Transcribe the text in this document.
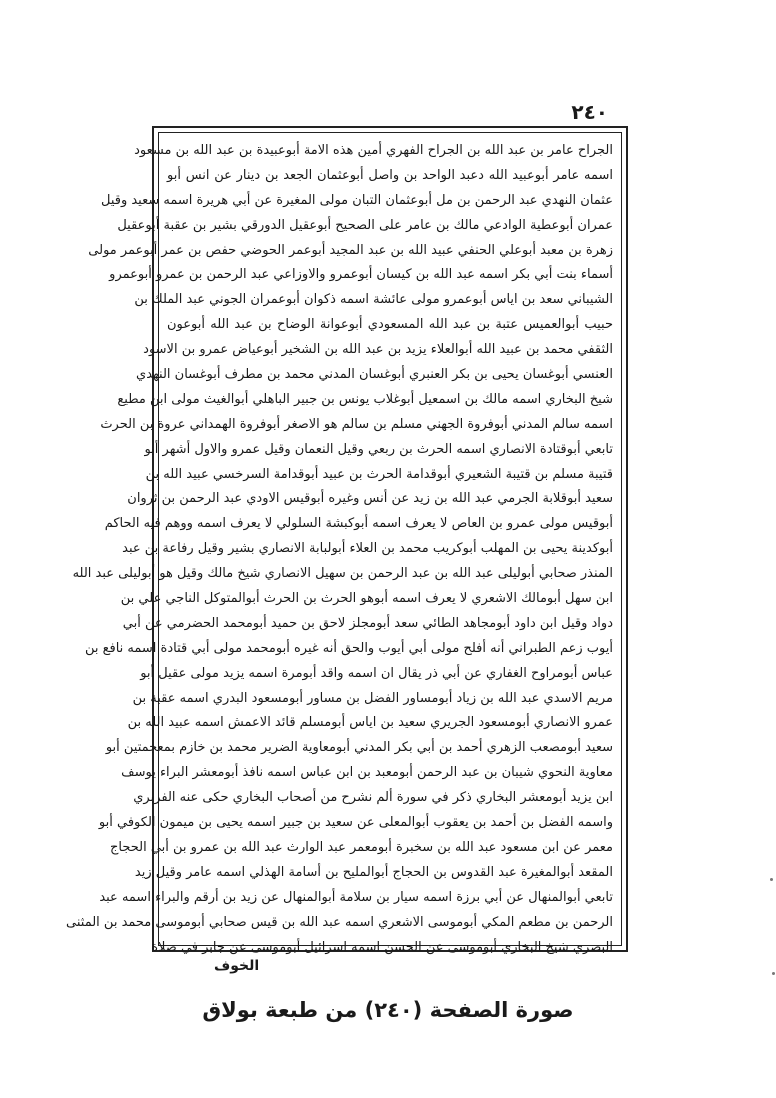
٢٤٠
الجراح عامر بن عبد الله بن الجراح الفهري أمين هذه الامة أبوعبيدة بن عبد الله بن مسعود
اسمه عامر أبوعبيد الله دعبد الواحد بن واصل أبوعثمان الجعد بن دينار عن انس أبو
عثمان النهدي عبد الرحمن بن مل أبوعثمان التبان مولى المغيرة عن أبي هريرة اسمه سعيد وقيل
عمران أبوعطية الوادعي مالك بن عامر على الصحيح أبوعقيل الدورقي بشير بن عقبة أبوعقيل
زهرة بن معبد أبوعلي الحنفي عبيد الله بن عبد المجيد أبوعمر الحوضي حفص بن عمر أبوعمر مولى
أسماء بنت أبي بكر اسمه عبد الله بن كيسان أبوعمرو والاوزاعي عبد الرحمن بن عمرو أبوعمرو
الشيباني سعد بن اياس أبوعمرو مولى عائشة اسمه ذكوان أبوعمران الجوني عبد الملك بن
حبيب أبوالعميس عتبة بن عبد الله المسعودي أبوعوانة الوضاح بن عبد الله أبوعون
الثقفي محمد بن عبيد الله أبوالعلاء يزيد بن عبد الله بن الشخير أبوعياض عمرو بن الاسود
العنسي أبوغسان يحيى بن بكر العنبري أبوغسان المدني محمد بن مطرف أبوغسان النهدي
شيخ البخاري اسمه مالك بن اسمعيل أبوغلاب يونس بن جبير الباهلي أبوالغيث مولى ابن مطيع
اسمه سالم المدني أبوفروة الجهني مسلم بن سالم هو الاصغر أبوفروة الهمداني عروة بن الحرث
تابعي أبوقتادة الانصاري اسمه الحرث بن ربعي وقيل النعمان وقيل عمرو والاول أشهر أبو
قتيبة مسلم بن قتيبة الشعيري أبوقدامة الحرث بن عبيد أبوقدامة السرخسي عبيد الله بن
سعيد أبوقلابة الجرمي عبد الله بن زيد عن أنس وغيره أبوقيس الاودي عبد الرحمن بن ثروان
أبوقيس مولى عمرو بن العاص لا يعرف اسمه أبوكبشة السلولي لا يعرف اسمه ووهم فيه الحاكم
أبوكدينة يحيى بن المهلب أبوكريب محمد بن العلاء أبولبابة الانصاري بشير وقيل رفاعة بن عبد
المنذر صحابي أبوليلى عبد الله بن عبد الرحمن بن سهيل الانصاري شيخ مالك وقيل هو أبوليلى عبد الله
ابن سهل أبومالك الاشعري لا يعرف اسمه أبوهو الحرث بن الحرث أبوالمتوكل الناجي علي بن
دواد وقيل ابن داود أبومجاهد الطائي سعد أبومجلز لاحق بن حميد أبومحمد الحضرمي عن أبي
أيوب زعم الطبراني أنه أفلح مولى أبي أيوب والحق أنه غيره أبومحمد مولى أبي قتادة اسمه نافع بن
عباس أبومراوح الغفاري عن أبي ذر يقال ان اسمه واقد أبومرة اسمه يزيد مولى عقيل أبو
مريم الاسدي عبد الله بن زياد أبومساور الفضل بن مساور أبومسعود البدري اسمه عقبة بن
عمرو الانصاري أبومسعود الجريري سعيد بن اياس أبومسلم قائد الاعمش اسمه عبيد الله بن
سعيد أبومصعب الزهري أحمد بن أبي بكر المدني أبومعاوية الضرير محمد بن خازم بمعجمتين أبو
معاوية النحوي شيبان بن عبد الرحمن أبومعبد بن ابن عباس اسمه نافذ أبومعشر البراء يوسف
ابن يزيد أبومعشر البخاري ذكر في سورة ألم نشرح من أصحاب البخاري حكى عنه الفربري
واسمه الفضل بن أحمد بن يعقوب أبوالمعلى عن سعيد بن جبير اسمه يحيى بن ميمون الكوفي أبو
معمر عن ابن مسعود عبد الله بن سخبرة أبومعمر عبد الوارث عبد الله بن عمرو بن أبي الحجاج
المقعد أبوالمغيرة عبد القدوس بن الحجاج أبوالمليح بن أسامة الهذلي اسمه عامر وقيل زيد
تابعي أبوالمنهال عن أبي برزة اسمه سيار بن سلامة أبوالمنهال عن زيد بن أرقم والبراء اسمه عبد
الرحمن بن مطعم المكي أبوموسى الاشعري اسمه عبد الله بن قيس صحابي أبوموسى محمد بن المثنى
البصري شيخ البخاري أبوموسى عن الحسن اسمه اسرائيل أبوموسى عن جابر في صلاة
الخوف
صورة الصفحة (٢٤٠) من طبعة بولاق
